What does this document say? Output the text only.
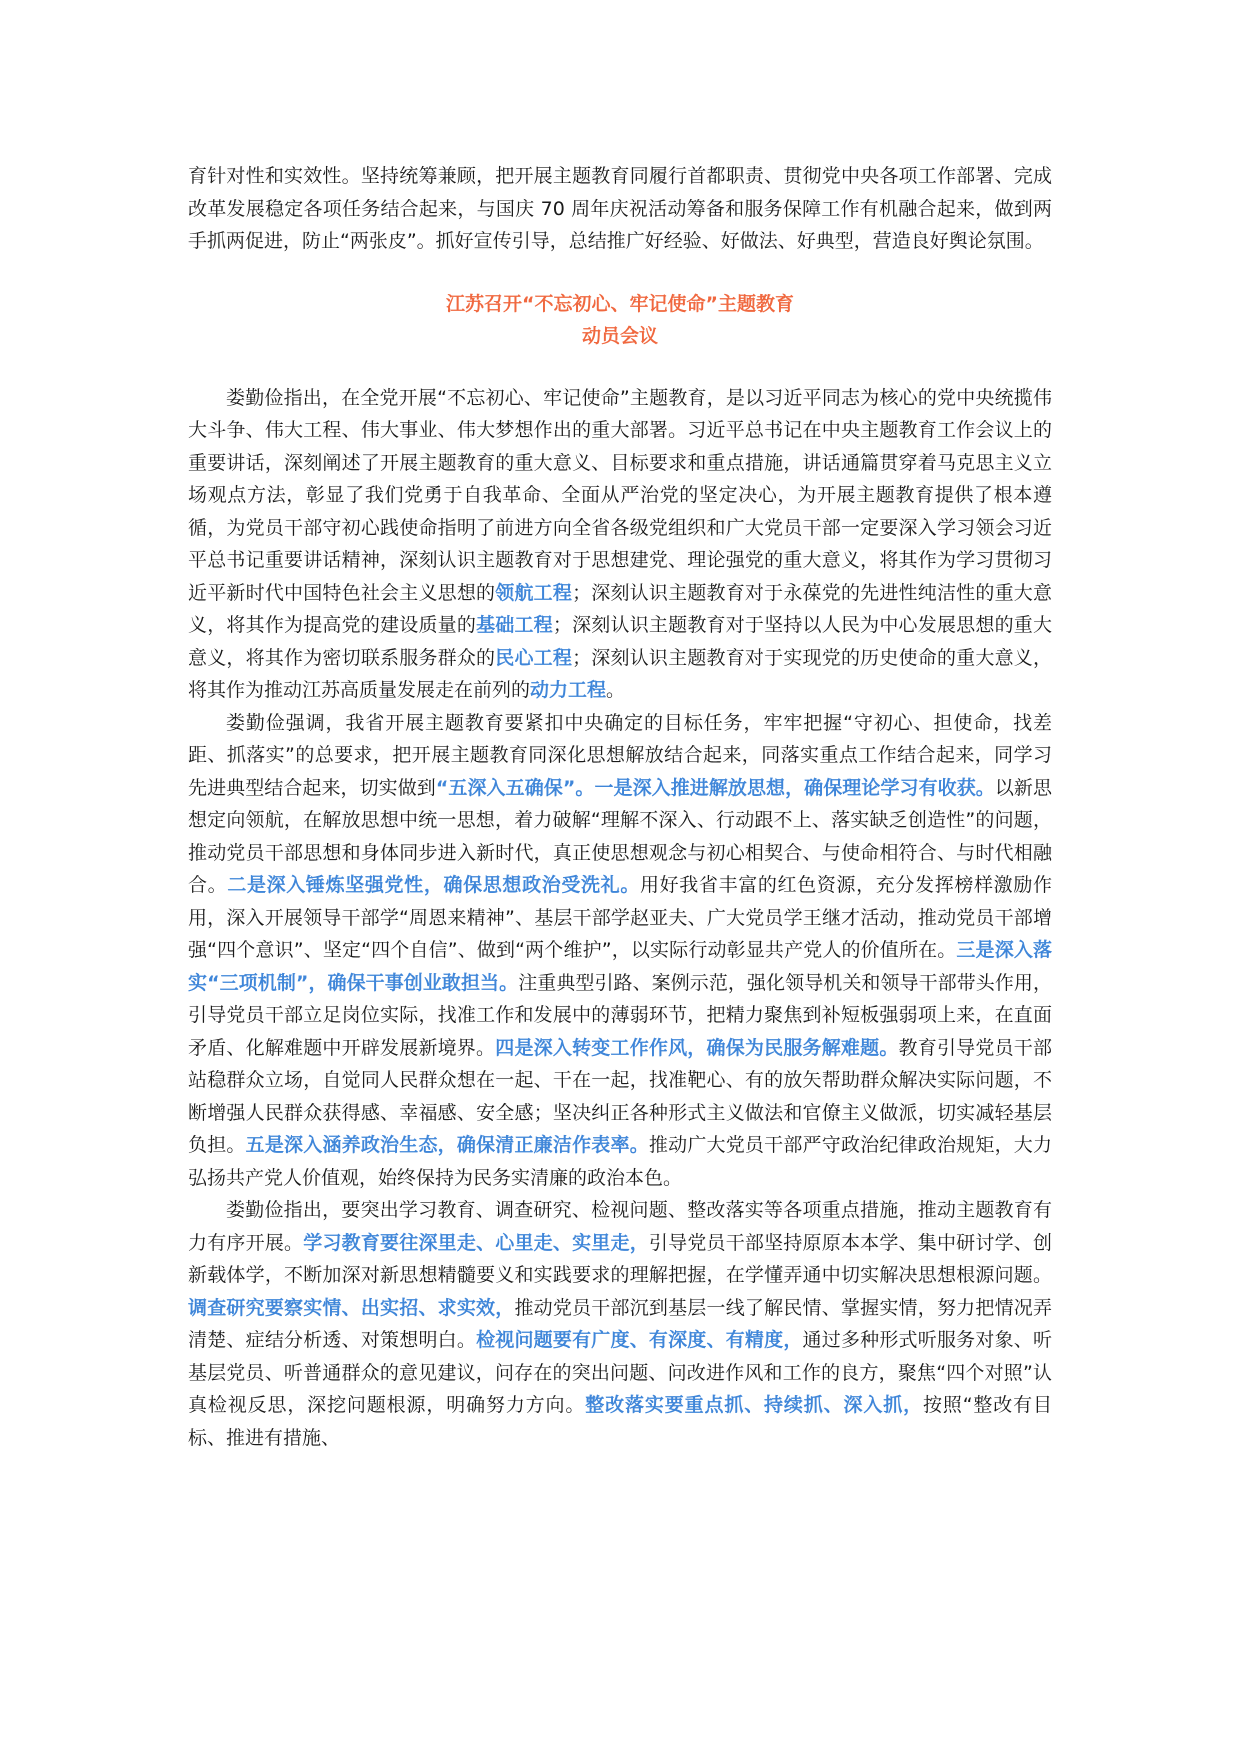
育针对性和实效性。坚持统筹兼顾，把开展主题教育同履行首都职责、贯彻党中央各项工作部署、完成改革发展稳定各项任务结合起来，与国庆 70 周年庆祝活动筹备和服务保障工作有机融合起来，做到两手抓两促进，防止“两张皮”。抓好宣传引导，总结推广好经验、好做法、好典型，营造良好舆论氛围。

江苏召开“不忘初心、牢记使命”主题教育
动员会议

娄勤俭指出，在全党开展“不忘初心、牢记使命”主题教育，是以习近平同志为核心的党中央统揽伟大斗争、伟大工程、伟大事业、伟大梦想作出的重大部署。习近平总书记在中央主题教育工作会议上的重要讲话，深刻阐述了开展主题教育的重大意义、目标要求和重点措施，讲话通篇贯穿着马克思主义立场观点方法，彰显了我们党勇于自我革命、全面从严治党的坚定决心，为开展主题教育提供了根本遵循，为党员干部守初心践使命指明了前进方向全省各级党组织和广大党员干部一定要深入学习领会习近平总书记重要讲话精神，深刻认识主题教育对于思想建党、理论强党的重大意义，将其作为学习贯彻习近平新时代中国特色社会主义思想的领航工程；深刻认识主题教育对于永葆党的先进性纯洁性的重大意义，将其作为提高党的建设质量的基础工程；深刻认识主题教育对于坚持以人民为中心发展思想的重大意义，将其作为密切联系服务群众的民心工程；深刻认识主题教育对于实现党的历史使命的重大意义，将其作为推动江苏高质量发展走在前列的动力工程。

娄勤俭强调，我省开展主题教育要紧扣中央确定的目标任务，牢牢把握“守初心、担使命，找差距、抓落实”的总要求，把开展主题教育同深化思想解放结合起来，同落实重点工作结合起来，同学习先进典型结合起来，切实做到“五深入五确保”。一是深入推进解放思想，确保理论学习有收获。以新思想定向领航，在解放思想中统一思想，着力破解“理解不深入、行动跟不上、落实缺乏创造性”的问题，推动党员干部思想和身体同步进入新时代，真正使思想观念与初心相契合、与使命相符合、与时代相融合。二是深入锤炼坚强党性，确保思想政治受洗礼。用好我省丰富的红色资源，充分发挥榜样激励作用，深入开展领导干部学“周恩来精神”、基层干部学赵亚夫、广大党员学王继才活动，推动党员干部增强“四个意识”、坚定“四个自信”、做到“两个维护”，以实际行动彰显共产党人的价值所在。三是深入落实“三项机制”，确保干事创业敢担当。注重典型引路、案例示范，强化领导机关和领导干部带头作用，引导党员干部立足岗位实际，找准工作和发展中的薄弱环节，把精力聚焦到补短板强弱项上来，在直面矛盾、化解难题中开辟发展新境界。四是深入转变工作作风，确保为民服务解难题。教育引导党员干部站稳群众立场，自觉同人民群众想在一起、干在一起，找准靶心、有的放矢帮助群众解决实际问题，不断增强人民群众获得感、幸福感、安全感；坚决纠正各种形式主义做法和官僚主义做派，切实减轻基层负担。五是深入涵养政治生态，确保清正廉洁作表率。推动广大党员干部严守政治纪律政治规矩，大力弘扬共产党人价值观，始终保持为民务实清廉的政治本色。

娄勤俭指出，要突出学习教育、调查研究、检视问题、整改落实等各项重点措施，推动主题教育有力有序开展。学习教育要往深里走、心里走、实里走，引导党员干部坚持原原本本学、集中研讨学、创新载体学，不断加深对新思想精髓要义和实践要求的理解把握，在学懂弄通中切实解决思想根源问题。调查研究要察实情、出实招、求实效，推动党员干部沉到基层一线了解民情、掌握实情，努力把情况弄清楚、症结分析透、对策想明白。检视问题要有广度、有深度、有精度，通过多种形式听服务对象、听基层党员、听普通群众的意见建议，问存在的突出问题、问改进作风和工作的良方，聚焦“四个对照”认真检视反思，深挖问题根源，明确努力方向。整改落实要重点抓、持续抓、深入抓，按照“整改有目标、推进有措施、
